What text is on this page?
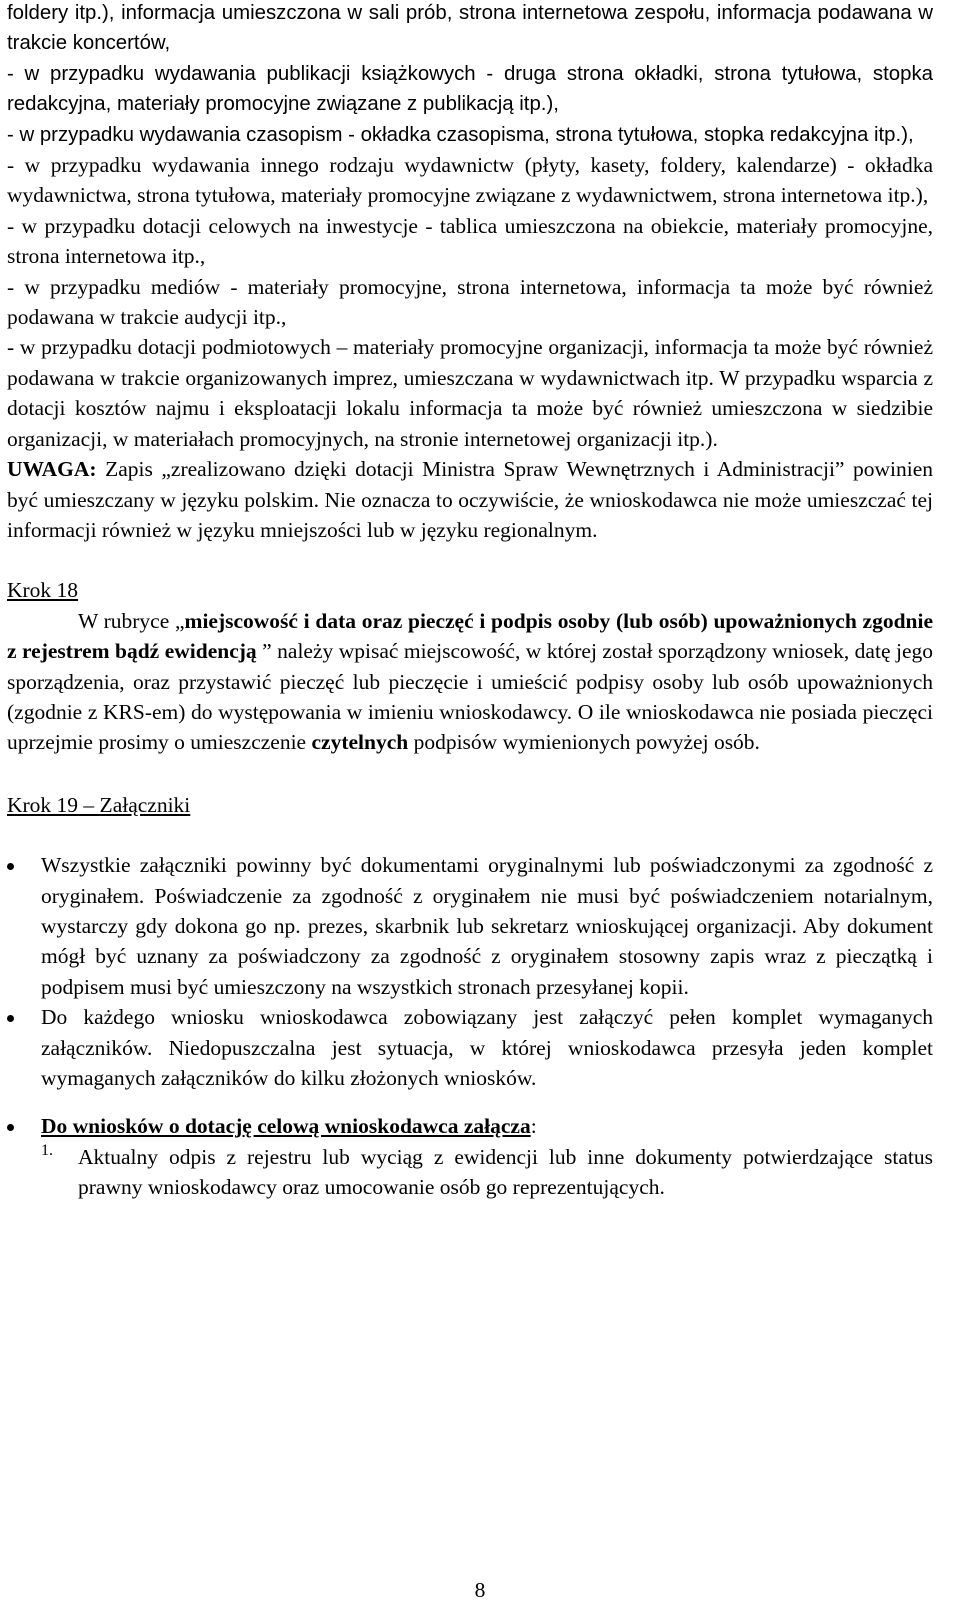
foldery itp.), informacja umieszczona w sali prób, strona internetowa zespołu, informacja podawana w trakcie koncertów,

- w przypadku wydawania publikacji książkowych - druga strona okładki, strona tytułowa, stopka redakcyjna, materiały promocyjne związane z publikacją itp.),

- w przypadku wydawania czasopism - okładka czasopisma, strona tytułowa, stopka redakcyjna itp.),

- w przypadku wydawania innego rodzaju wydawnictw (płyty, kasety, foldery, kalendarze) - okładka wydawnictwa, strona tytułowa, materiały promocyjne związane z wydawnictwem, strona internetowa itp.),

- w przypadku dotacji celowych na inwestycje - tablica umieszczona na obiekcie, materiały promocyjne, strona internetowa itp.,

- w przypadku mediów - materiały promocyjne, strona internetowa, informacja ta może być również podawana w trakcie audycji itp.,

- w przypadku dotacji podmiotowych – materiały promocyjne organizacji, informacja ta może być również podawana w trakcie organizowanych imprez, umieszczana w wydawnictwach itp. W przypadku wsparcia z dotacji kosztów najmu i eksploatacji lokalu informacja ta może być również umieszczona w siedzibie organizacji, w materiałach promocyjnych, na stronie internetowej organizacji itp.).

UWAGA: Zapis „zrealizowano dzięki dotacji Ministra Spraw Wewnętrznych i Administracji” powinien być umieszczany w języku polskim. Nie oznacza to oczywiście, że wnioskodawca nie może umieszczać tej informacji również w języku mniejszości lub w języku regionalnym.

Krok 18

W rubryce „miejscowość i data oraz pieczęć i podpis osoby (lub osób) upoważnionych zgodnie z rejestrem bądź ewidencją ” należy wpisać miejscowość, w której został sporządzony wniosek, datę jego sporządzenia, oraz przystawić pieczęć lub pieczęcie i umieścić podpisy osoby lub osób upoważnionych (zgodnie z KRS-em) do występowania w imieniu wnioskodawcy. O ile wnioskodawca nie posiada pieczęci uprzejmie prosimy o umieszczenie czytelnych podpisów wymienionych powyżej osób.

Krok 19 – Załączniki

Wszystkie załączniki powinny być dokumentami oryginalnymi lub poświadczonymi za zgodność z oryginałem. Poświadczenie za zgodność z oryginałem nie musi być poświadczeniem notarialnym, wystarczy gdy dokona go np. prezes, skarbnik lub sekretarz wnioskującej organizacji. Aby dokument mógł być uznany za poświadczony za zgodność z oryginałem stosowny zapis wraz z pieczątką i podpisem musi być umieszczony na wszystkich stronach przesyłanej kopii.

Do każdego wniosku wnioskodawca zobowiązany jest załączyć pełen komplet wymaganych załączników. Niedopuszczalna jest sytuacja, w której wnioskodawca przesyła jeden komplet wymaganych załączników do kilku złożonych wniosków.

Do wniosków o dotację celową wnioskodawca załącza:

1. Aktualny odpis z rejestru lub wyciąg z ewidencji lub inne dokumenty potwierdzające status prawny wnioskodawcy oraz umocowanie osób go reprezentujących.

8
